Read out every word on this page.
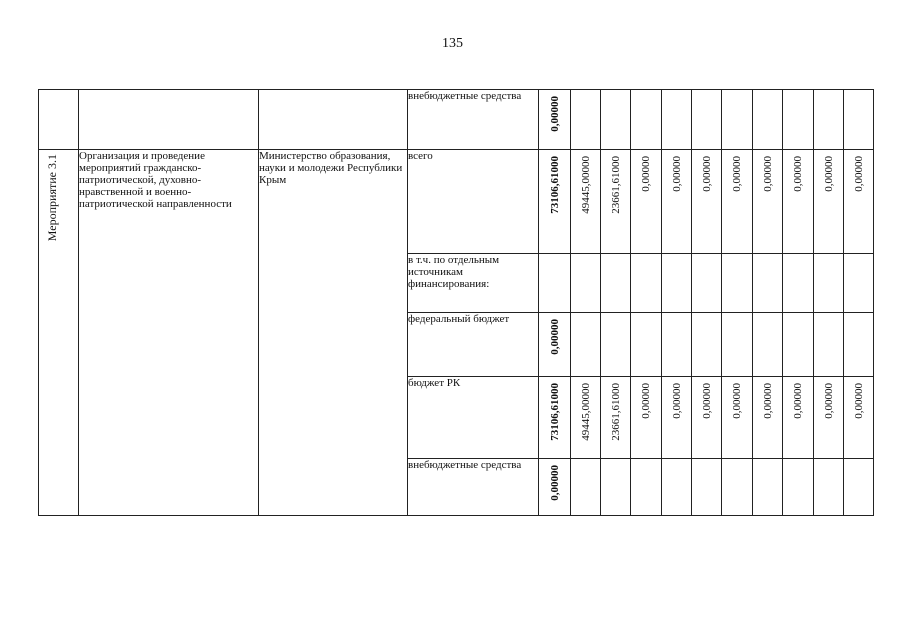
135
			внебюджетные средства	0,00000										

Мероприятие 3.1	Организация и проведение мероприятий гражданско-патриотической, духовно-нравственной и военно-патриотической направленности	Министерство образования, науки и молодежи Республики Крым	всего	73106,61000	49445,00000	23661,61000	0,00000	0,00000	0,00000	0,00000	0,00000	0,00000	0,00000	0,00000

			в т.ч. по отдельным источникам финансирования:	

			федеральный бюджет	0,00000										

			бюджет РК	73106,61000	49445,00000	23661,61000	0,00000	0,00000	0,00000	0,00000	0,00000	0,00000	0,00000	0,00000

			внебюджетные средства	0,00000										
